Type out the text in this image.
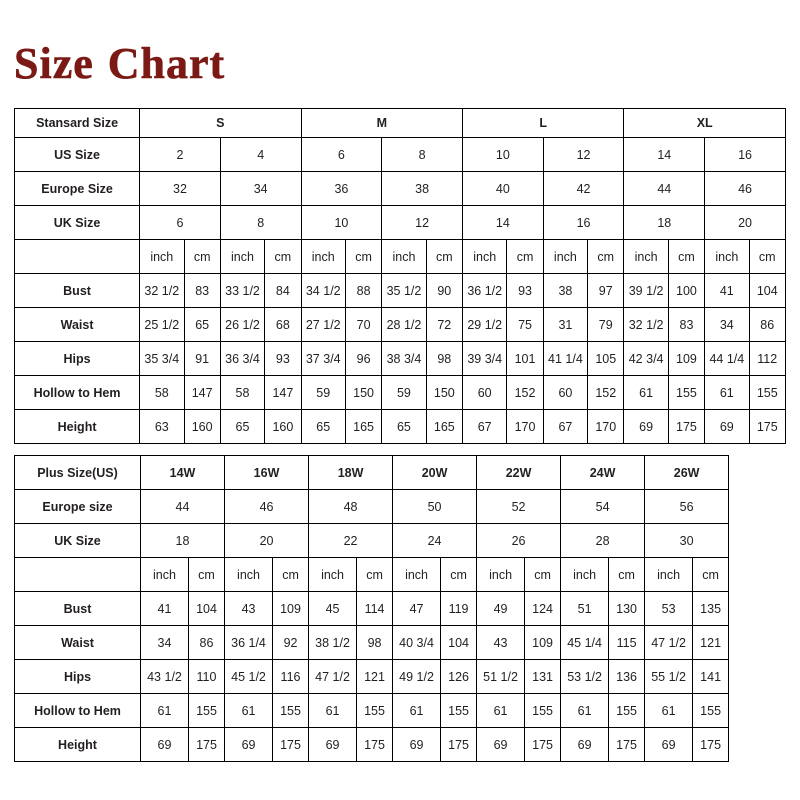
Size Chart
Stansard Size	S				M				L				XL			
US Size	2		4		6		8		10		12		14		16	
Europe Size	32		34		36		38		40		42		44		46	
UK Size	6		8		10		12		14		16		18		20	
	inch	cm	inch	cm	inch	cm	inch	cm	inch	cm	inch	cm	inch	cm	inch	cm
Bust	32 1/2	83	33 1/2	84	34 1/2	88	35 1/2	90	36 1/2	93	38	97	39 1/2	100	41	104
Waist	25 1/2	65	26 1/2	68	27 1/2	70	28 1/2	72	29 1/2	75	31	79	32 1/2	83	34	86
Hips	35 3/4	91	36 3/4	93	37 3/4	96	38 3/4	98	39 3/4	101	41 1/4	105	42 3/4	109	44 1/4	112
Hollow to Hem	58	147	58	147	59	150	59	150	60	152	60	152	61	155	61	155
Height	63	160	65	160	65	165	65	165	67	170	67	170	69	175	69	175
Plus Size(US)	14W		16W		18W		20W		22W		24W		26W	
Europe size	44		46		48		50		52		54		56	
UK Size	18		20		22		24		26		28		30	
	inch	cm	inch	cm	inch	cm	inch	cm	inch	cm	inch	cm	inch	cm
Bust	41	104	43	109	45	114	47	119	49	124	51	130	53	135
Waist	34	86	36 1/4	92	38 1/2	98	40 3/4	104	43	109	45 1/4	115	47 1/2	121
Hips	43 1/2	110	45 1/2	116	47 1/2	121	49 1/2	126	51 1/2	131	53 1/2	136	55 1/2	141
Hollow to Hem	61	155	61	155	61	155	61	155	61	155	61	155	61	155
Height	69	175	69	175	69	175	69	175	69	175	69	175	69	175
